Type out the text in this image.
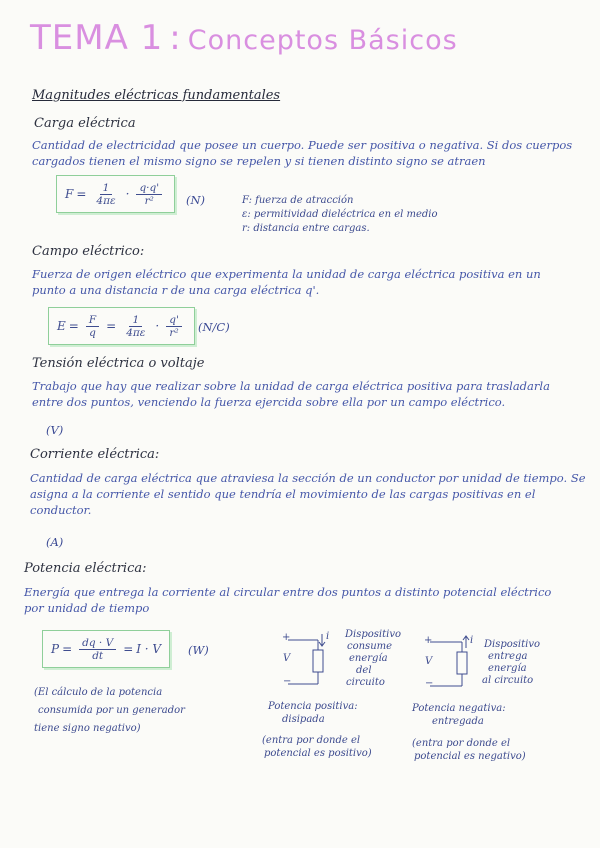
TEMA 1 : Conceptos Básicos
Magnitudes eléctricas fundamentales
Carga eléctrica
Cantidad de electricidad que posee un cuerpo. Puede ser positiva o negativa. Si dos cuerpos cargados tienen el mismo signo se repelen y si tienen distinto signo se atraen
$F = \frac{1}{4\pi\varepsilon} \cdot \frac{q\cdot q'}{\text{r²}} (N)$	F: fuerza de atracción
ε: permitividad dieléctrica en el medio
r: distancia entre cargas.
Campo eléctrico:
Fuerza de origen eléctrico que experimenta la unidad de carga eléctrica positiva en un punto a una distancia r de una carga eléctrica q'.
$E = \frac{F}{q} = \frac{1}{4\pi\varepsilon} \cdot \frac{q'}{\text{r²}} (N/C)$
Tensión eléctrica o voltaje
Trabajo que hay que realizar sobre la unidad de carga eléctrica positiva para trasladarla entre dos puntos, venciendo la fuerza ejercida sobre ella por un campo eléctrico.
(V)
Corriente eléctrica:
Cantidad de carga eléctrica que atraviesa la sección de un conductor por unidad de tiempo. Se asigna a la corriente el sentido que tendría el movimiento de las cargas positivas en el conductor.
(A)
Potencia eléctrica:
Energía que entrega la corriente al circular entre dos puntos a distinto potencial eléctrico por unidad de tiempo
$P = \frac{dq \cdot V}{dt} = I \cdot V$ (W)
(El cálculo de la potencia
consumida por un generador
tiene signo negativo)
+
V
−
i Dispositivo
consume
energía
del
circuito
Potencia positiva:
disipada
(entra por donde el
potencial es positivo)
+
V
−
i Dispositivo
entrega
energía
al circuito
Potencia negativa:
entregada
(entra por donde el
potencial es negativo)
